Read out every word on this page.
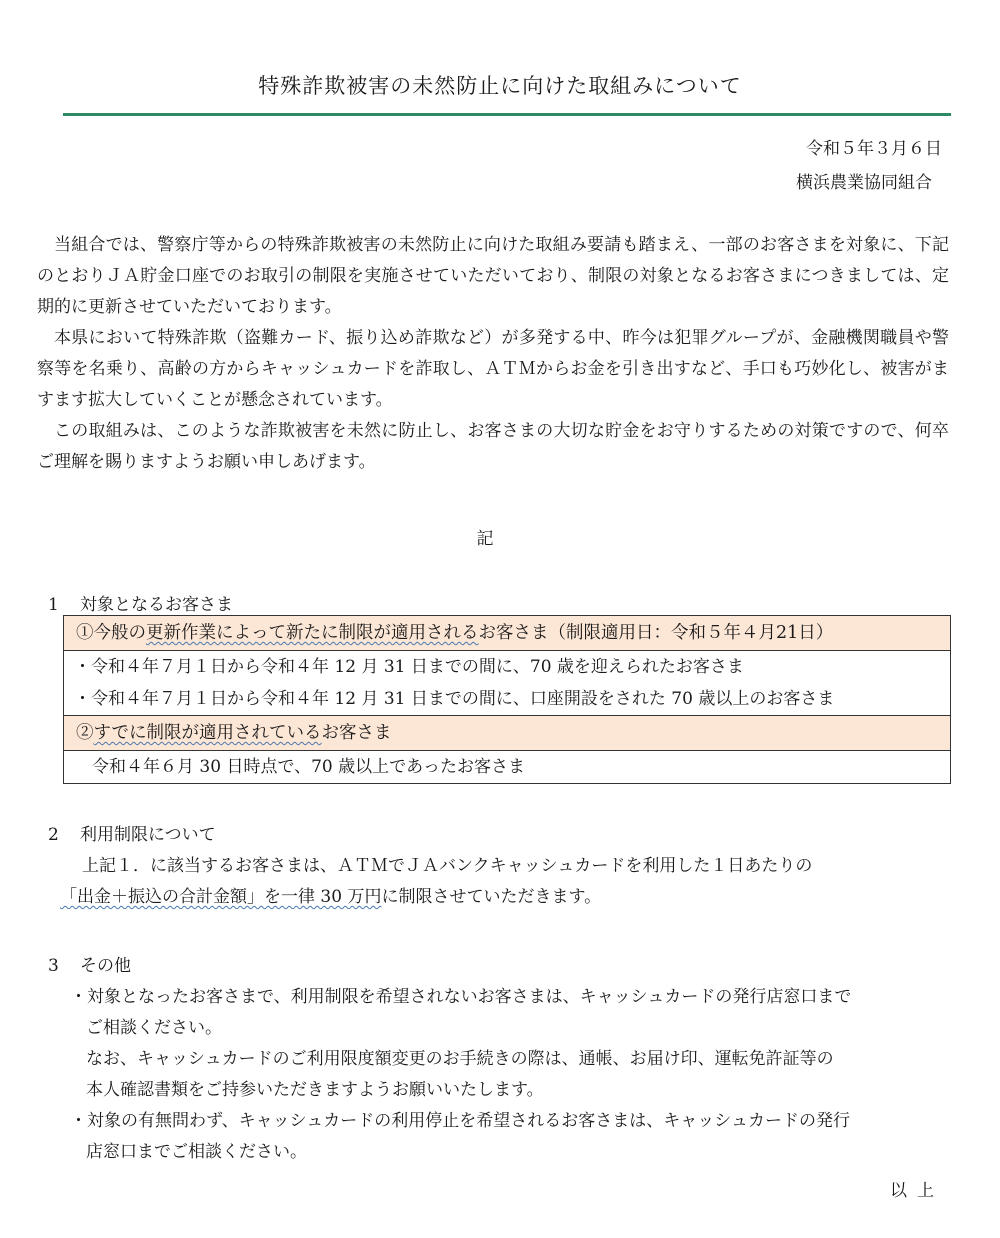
特殊詐欺被害の未然防止に向けた取組みについて
令和５年３月６日
横浜農業協同組合

当組合では、警察庁等からの特殊詐欺被害の未然防止に向けた取組み要請も踏まえ、一部のお客さまを対象に、下記のとおりＪＡ貯金口座でのお取引の制限を実施させていただいており、制限の対象となるお客さまにつきましては、定期的に更新させていただいております。

本県において特殊詐欺（盗難カード、振り込め詐欺など）が多発する中、昨今は犯罪グループが、金融機関職員や警察等を名乗り、高齢の方からキャッシュカードを詐取し、ＡＴＭからお金を引き出すなど、手口も巧妙化し、被害がますます拡大していくことが懸念されています。

この取組みは、このような詐欺被害を未然に防止し、お客さまの大切な貯金をお守りするための対策ですので、何卒ご理解を賜りますようお願い申しあげます。

記
1 対象となるお客さま
①今般の更新作業によって新たに制限が適用されるお客さま（制限適用日：令和５年４月21日）
・令和４年７月１日から令和４年 12 月 31 日までの間に、70 歳を迎えられたお客さま
・令和４年７月１日から令和４年 12 月 31 日までの間に、口座開設をされた 70 歳以上のお客さま
②すでに制限が適用されているお客さま
令和４年６月 30 日時点で、70 歳以上であったお客さま
2 利用制限について
上記１．に該当するお客さまは、ＡＴＭでＪＡバンクキャッシュカードを利用した１日あたりの
「出金＋振込の合計金額」を一律 30 万円に制限させていただきます。
3 その他
・対象となったお客さまで、利用制限を希望されないお客さまは、キャッシュカードの発行店窓口まで
ご相談ください。
なお、キャッシュカードのご利用限度額変更のお手続きの際は、通帳、お届け印、運転免許証等の
本人確認書類をご持参いただきますようお願いいたします。
・対象の有無問わず、キャッシュカードの利用停止を希望されるお客さまは、キャッシュカードの発行
店窓口までご相談ください。
以上
